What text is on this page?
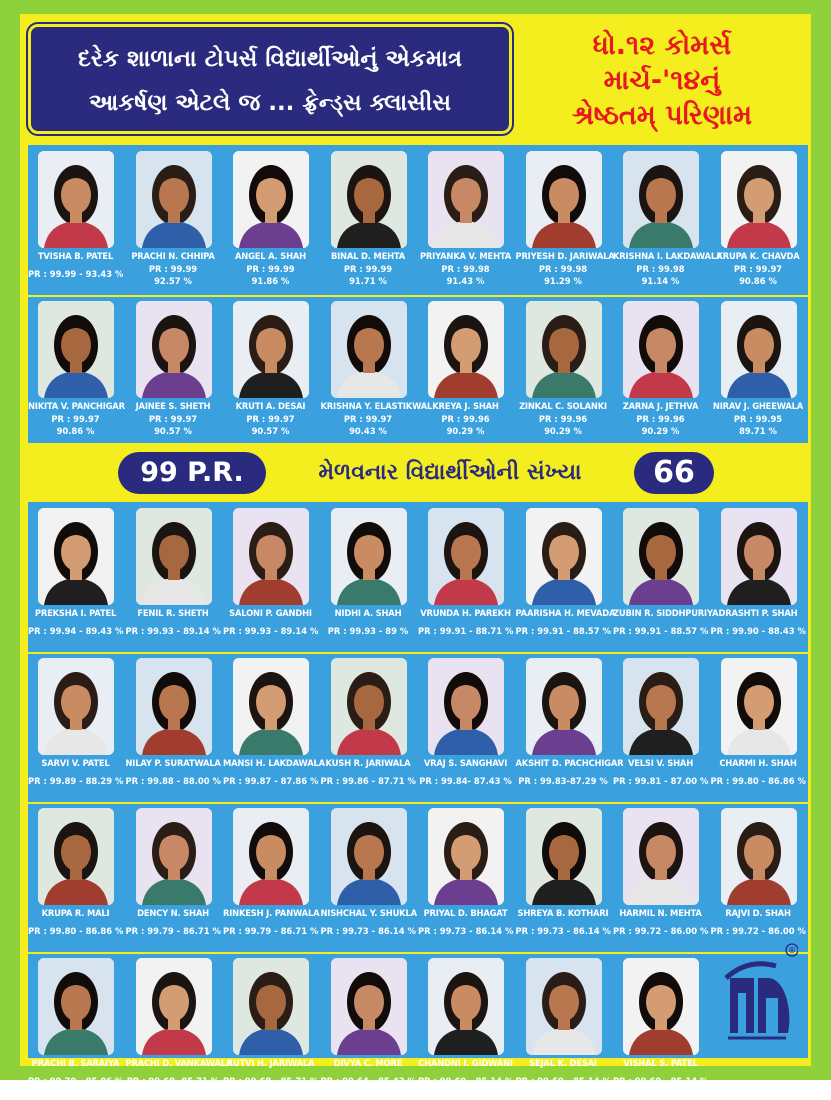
દરેક શાળાના ટોપર્સ વિદ્યાર્થીઓનું એકમાત્ર
આકર્ષણ એટલે જ ... ફ્રેન્ડ્સ ક્લાસીસ
ધો.૧૨ કોમર્સ
માર્ચ-'૧૪નું
શ્રેષ્ઠતમ્ પરિણામ
TVISHA B. PATEL
PR : 99.99 - 93.43 %
PRACHI N. CHHIPA
PR : 99.99
92.57 %
ANGEL A. SHAH
PR : 99.99
91.86 %
BINAL D. MEHTA
PR : 99.99
91.71 %
PRIYANKA V. MEHTA
PR : 99.98
91.43 %
PRIYESH D. JARIWALA
PR : 99.98
91.29 %
KRISHNA I. LAKDAWALA
PR : 99.98
91.14 %
KRUPA K. CHAVDA
PR : 99.97
90.86 %
NIKITA V. PANCHIGAR
PR : 99.97
90.86 %
JAINEE S. SHETH
PR : 99.97
90.57 %
KRUTI A. DESAI
PR : 99.97
90.57 %
KRISHNA Y. ELASTIKWAL
PR : 99.97
90.43 %
KREYA J. SHAH
PR : 99.96
90.29 %
ZINKAL C. SOLANKI
PR : 99.96
90.29 %
ZARNA J. JETHVA
PR : 99.96
90.29 %
NIRAV J. GHEEWALA
PR : 99.95
89.71 %
99 P.R.	મેળવનાર વિદ્યાર્થીઓની સંખ્યા	66
PREKSHA I. PATEL
PR : 99.94 - 89.43 %
FENIL R. SHETH
PR : 99.93 - 89.14 %
SALONI P. GANDHI
PR : 99.93 - 89.14 %
NIDHI A. SHAH
PR : 99.93 - 89 %
VRUNDA H. PAREKH
PR : 99.91 - 88.71 %
PAARISHA H. MEVADA
PR : 99.91 - 88.57 %
ZUBIN R. SIDDHPURIYA
PR : 99.91 - 88.57 %
DRASHTI P. SHAH
PR : 99.90 - 88.43 %
SARVI V. PATEL
PR : 99.89 - 88.29 %
NILAY P. SURATWALA
PR : 99.88 - 88.00 %
MANSI H. LAKDAWALA
PR : 99.87 - 87.86 %
KUSH R. JARIWALA
PR : 99.86 - 87.71 %
VRAJ S. SANGHAVI
PR : 99.84- 87.43 %
AKSHIT D. PACHCHIGAR
PR : 99.83-87.29 %
VELSI V. SHAH
PR : 99.81 - 87.00 %
CHARMI H. SHAH
PR : 99.80 - 86.86 %
KRUPA R. MALI
PR : 99.80 - 86.86 %
DENCY N. SHAH
PR : 99.79 - 86.71 %
RINKESH J. PANWALA
PR : 99.79 - 86.71 %
NISHCHAL Y. SHUKLA
PR : 99.73 - 86.14 %
PRIYAL D. BHAGAT
PR : 99.73 - 86.14 %
SHREYA B. KOTHARI
PR : 99.73 - 86.14 %
HARMIL N. MEHTA
PR : 99.72 - 86.00 %
RAJVI D. SHAH
PR : 99.72 - 86.00 %
PRACHI B. SARAIYA
PR : 99.70 - 85.86 %
PRACHI D. VANKAWALA
PR : 99.68- 85.71 %
RUTVI H. JARIWALA
PR : 99.68 - 85.71 %
DIVYA C. MORE
PR : 99.64 - 85.43 %
CHANDNI I. GIDWANI
PR : 99.60 - 85.14 %
SEJAL K. DESAI
PR : 99.60 - 85.14 %
VISHAL S. PATEL
PR : 99.60 - 85.14 %
®
